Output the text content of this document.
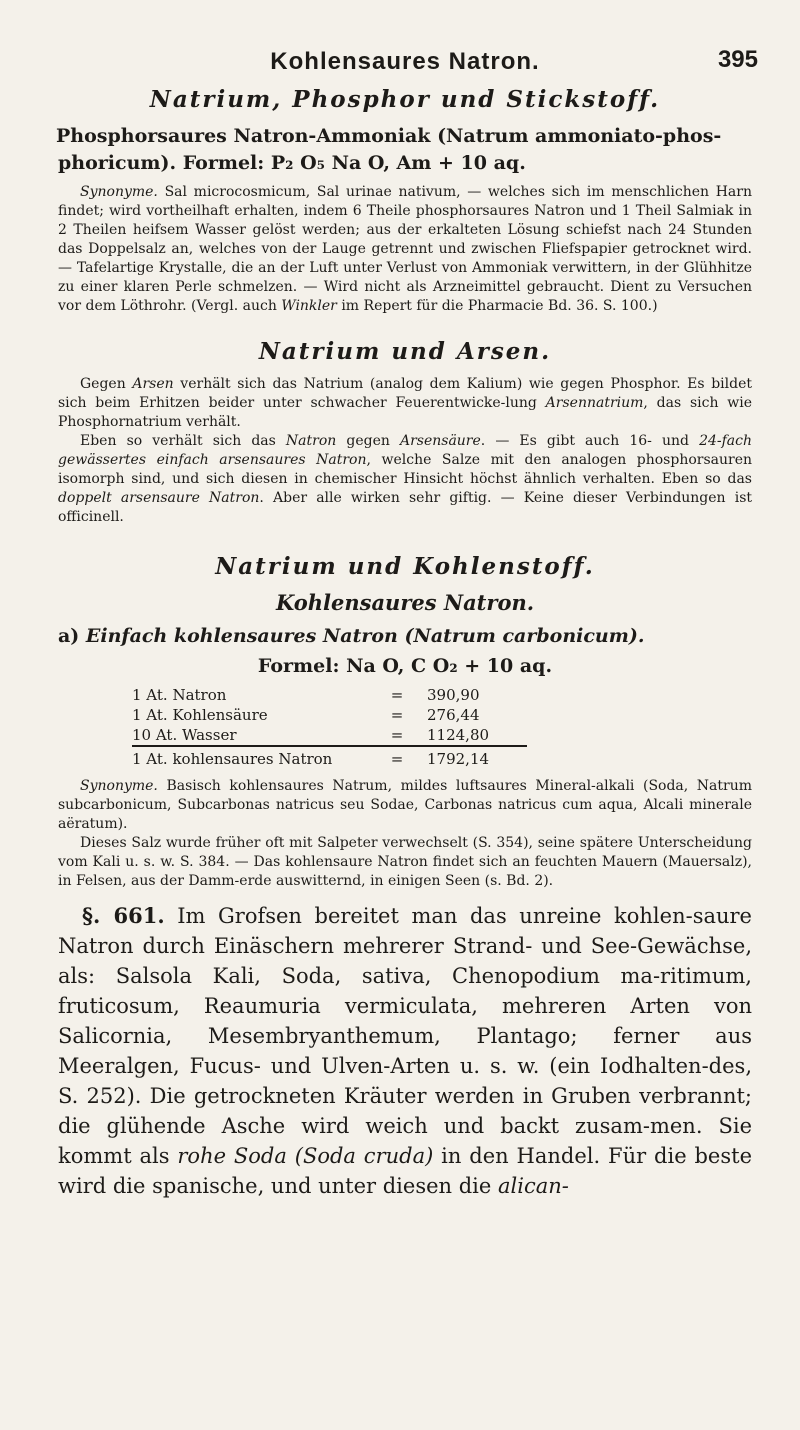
Kohlensaures Natron.	395
Natrium, Phosphor und Stickstoff.
Phosphorsaures Natron-Ammoniak (Natrum ammoniato-phos-
phoricum). Formel: P₂ O₅ Na O, Am + 10 aq.

Synonyme. Sal microcosmicum, Sal urinae nativum, — welches sich im menschlichen Harn findet; wird vortheilhaft erhalten, indem 6 Theile phosphorsaures Natron und 1 Theil Salmiak in 2 Theilen heifsem Wasser gelöst werden; aus der erkalteten Lösung schiefst nach 24 Stunden das Doppelsalz an, welches von der Lauge getrennt und zwischen Fliefspapier getrocknet wird. — Tafelartige Krystalle, die an der Luft unter Verlust von Ammoniak verwittern, in der Glühhitze zu einer klaren Perle schmelzen. — Wird nicht als Arzneimittel gebraucht. Dient zu Versuchen vor dem Löthrohr. (Vergl. auch Winkler im Repert für die Pharmacie Bd. 36. S. 100.)

Natrium und Arsen.

Gegen Arsen verhält sich das Natrium (analog dem Kalium) wie gegen Phosphor. Es bildet sich beim Erhitzen beider unter schwacher Feuerentwicke-lung Arsennatrium, das sich wie Phosphornatrium verhält.

Eben so verhält sich das Natron gegen Arsensäure. — Es gibt auch 16- und 24-fach gewässertes einfach arsensaures Natron, welche Salze mit den analogen phosphorsauren isomorph sind, und sich diesen in chemischer Hinsicht höchst ähnlich verhalten. Eben so das doppelt arsensaure Natron. Aber alle wirken sehr giftig. — Keine dieser Verbindungen ist officinell.

Natrium und Kohlenstoff.
Kohlensaures Natron.
a) Einfach kohlensaures Natron (Natrum carbonicum).
Formel: Na O, C O₂ + 10 aq.
1 At. Natron	=	390,90
1 At. Kohlensäure	=	276,44
10 At. Wasser	=	1124,80
1 At. kohlensaures Natron	=	1792,14

Synonyme. Basisch kohlensaures Natrum, mildes luftsaures Mineral-alkali (Soda, Natrum subcarbonicum, Subcarbonas natricus seu Sodae, Carbonas natricus cum aqua, Alcali minerale aëratum).

Dieses Salz wurde früher oft mit Salpeter verwechselt (S. 354), seine spätere Unterscheidung vom Kali u. s. w. S. 384. — Das kohlensaure Natron findet sich an feuchten Mauern (Mauersalz), in Felsen, aus der Damm-erde auswitternd, in einigen Seen (s. Bd. 2).

§. 661. Im Grofsen bereitet man das unreine kohlen-saure Natron durch Einäschern mehrerer Strand- und See-Gewächse, als: Salsola Kali, Soda, sativa, Chenopodium ma-ritimum, fruticosum, Reaumuria vermiculata, mehreren Arten von Salicornia, Mesembryanthemum, Plantago; ferner aus Meeralgen, Fucus- und Ulven-Arten u. s. w. (ein Iodhalten-des, S. 252). Die getrockneten Kräuter werden in Gruben verbrannt; die glühende Asche wird weich und backt zusam-men. Sie kommt als rohe Soda (Soda cruda) in den Handel. Für die beste wird die spanische, und unter diesen die alican-
